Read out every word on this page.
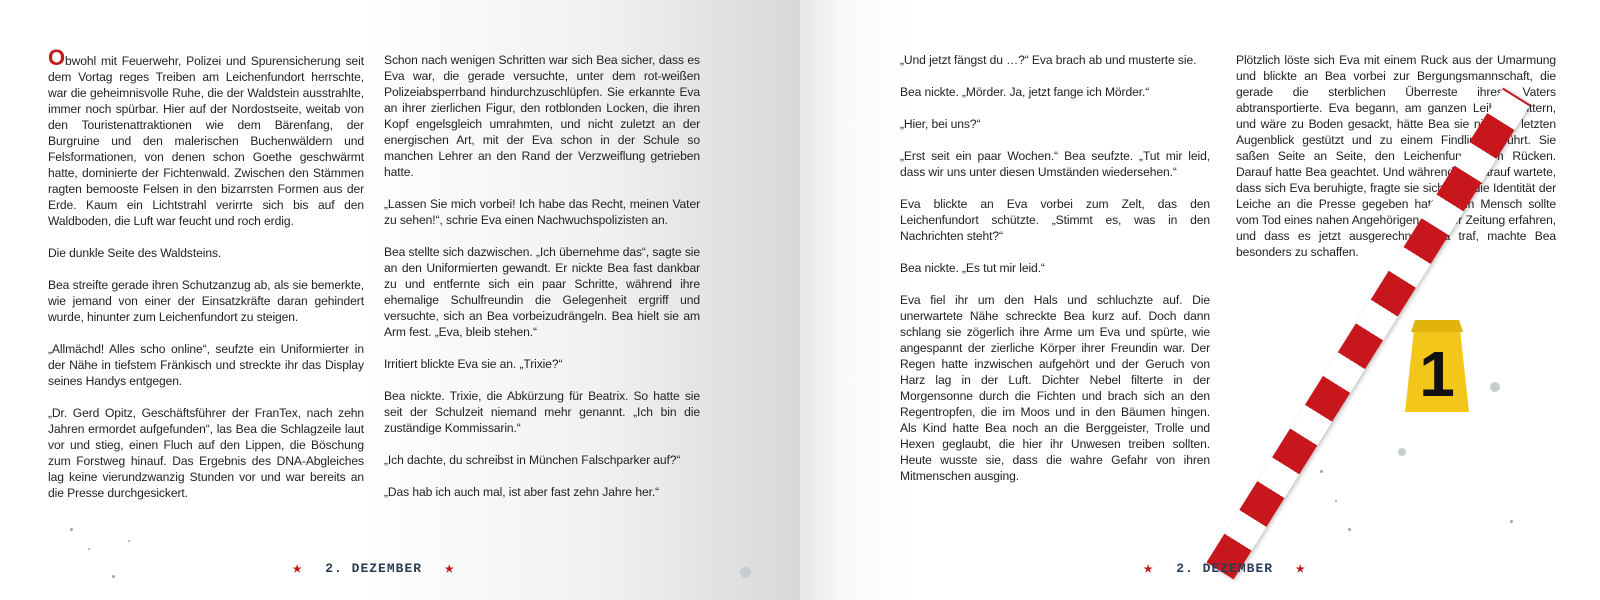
Obwohl mit Feuerwehr, Polizei und Spurensicherung seit dem Vortag reges Treiben am Leichenfundort herrschte, war die geheimnisvolle Ruhe, die der Waldstein ausstrahlte, immer noch spürbar. Hier auf der Nordostseite, weitab von den Touristenattraktionen wie dem Bärenfang, der Burgruine und den malerischen Buchenwäldern und Felsformationen, von denen schon Goethe geschwärmt hatte, dominierte der Fichtenwald. Zwischen den Stämmen ragten bemooste Felsen in den bizarrsten Formen aus der Erde. Kaum ein Lichtstrahl verirrte sich bis auf den Waldboden, die Luft war feucht und roch erdig.

Die dunkle Seite des Waldsteins.

Bea streifte gerade ihren Schutzanzug ab, als sie bemerkte, wie jemand von einer der Einsatzkräfte daran gehindert wurde, hinunter zum Leichenfundort zu steigen.

„Allmächd! Alles scho online“, seufzte ein Uniformierter in der Nähe in tiefstem Fränkisch und streckte ihr das Display seines Handys entgegen.

„Dr. Gerd Opitz, Geschäftsführer der FranTex, nach zehn Jahren ermordet aufgefunden“, las Bea die Schlagzeile laut vor und stieg, einen Fluch auf den Lippen, die Böschung zum Forstweg hinauf. Das Ergebnis des DNA-Abgleiches lag keine vierundzwanzig Stunden vor und war bereits an die Presse durchgesickert.

Schon nach wenigen Schritten war sich Bea sicher, dass es Eva war, die gerade versuchte, unter dem rot-weißen Polizeiabsperrband hindurchzuschlüpfen. Sie erkannte Eva an ihrer zierlichen Figur, den rotblonden Locken, die ihren Kopf engelsgleich umrahmten, und nicht zuletzt an der energischen Art, mit der Eva schon in der Schule so manchen Lehrer an den Rand der Verzweiflung getrieben hatte.

„Lassen Sie mich vorbei! Ich habe das Recht, meinen Vater zu sehen!“, schrie Eva einen Nachwuchspolizisten an.

Bea stellte sich dazwischen. „Ich übernehme das“, sagte sie an den Uniformierten gewandt. Er nickte Bea fast dankbar zu und entfernte sich ein paar Schritte, während ihre ehemalige Schulfreundin die Gelegenheit ergriff und versuchte, sich an Bea vorbeizudrängeln. Bea hielt sie am Arm fest. „Eva, bleib stehen.“

Irritiert blickte Eva sie an. „Trixie?“

Bea nickte. Trixie, die Abkürzung für Beatrix. So hatte sie seit der Schulzeit niemand mehr genannt. „Ich bin die zuständige Kommissarin.“

„Ich dachte, du schreibst in München Falschparker auf?“

„Das hab ich auch mal, ist aber fast zehn Jahre her.“

★ 2. DEZEMBER ★

„Und jetzt fängst du …?“ Eva brach ab und musterte sie.

Bea nickte. „Mörder. Ja, jetzt fange ich Mörder.“

„Hier, bei uns?“

„Erst seit ein paar Wochen.“ Bea seufzte. „Tut mir leid, dass wir uns unter diesen Umständen wiedersehen.“

Eva blickte an Eva vorbei zum Zelt, das den Leichenfundort schützte. „Stimmt es, was in den Nachrichten steht?“

Bea nickte. „Es tut mir leid.“

Eva fiel ihr um den Hals und schluchzte auf. Die unerwartete Nähe schreckte Bea kurz auf. Doch dann schlang sie zögerlich ihre Arme um Eva und spürte, wie angespannt der zierliche Körper ihrer Freundin war. Der Regen hatte inzwischen aufgehört und der Geruch von Harz lag in der Luft. Dichter Nebel filterte in der Morgensonne durch die Fichten und brach sich an den Regentropfen, die im Moos und in den Bäumen hingen. Als Kind hatte Bea noch an die Berggeister, Trolle und Hexen geglaubt, die hier ihr Unwesen treiben sollten. Heute wusste sie, dass die wahre Gefahr von ihren Mitmenschen ausging.

Plötzlich löste sich Eva mit einem Ruck aus der Umarmung und blickte an Bea vorbei zur Bergungsmannschaft, die gerade die sterblichen Überreste ihres Vaters abtransportierte. Eva begann, am ganzen Leib zu zittern, und wäre zu Boden gesackt, hätte Bea sie nicht im letzten Augenblick gestützt und zu einem Findling geführt. Sie saßen Seite an Seite, den Leichenfundort im Rücken. Darauf hatte Bea geachtet. Und während sie darauf wartete, dass sich Eva beruhigte, fragte sie sich, wer die Identität der Leiche an die Presse gegeben hatte. Kein Mensch sollte vom Tod eines nahen Angehörigen aus der Zeitung erfahren, und dass es jetzt ausgerechnet Eva traf, machte Bea besonders zu schaffen.

1
★ 2. DEZEMBER ★
